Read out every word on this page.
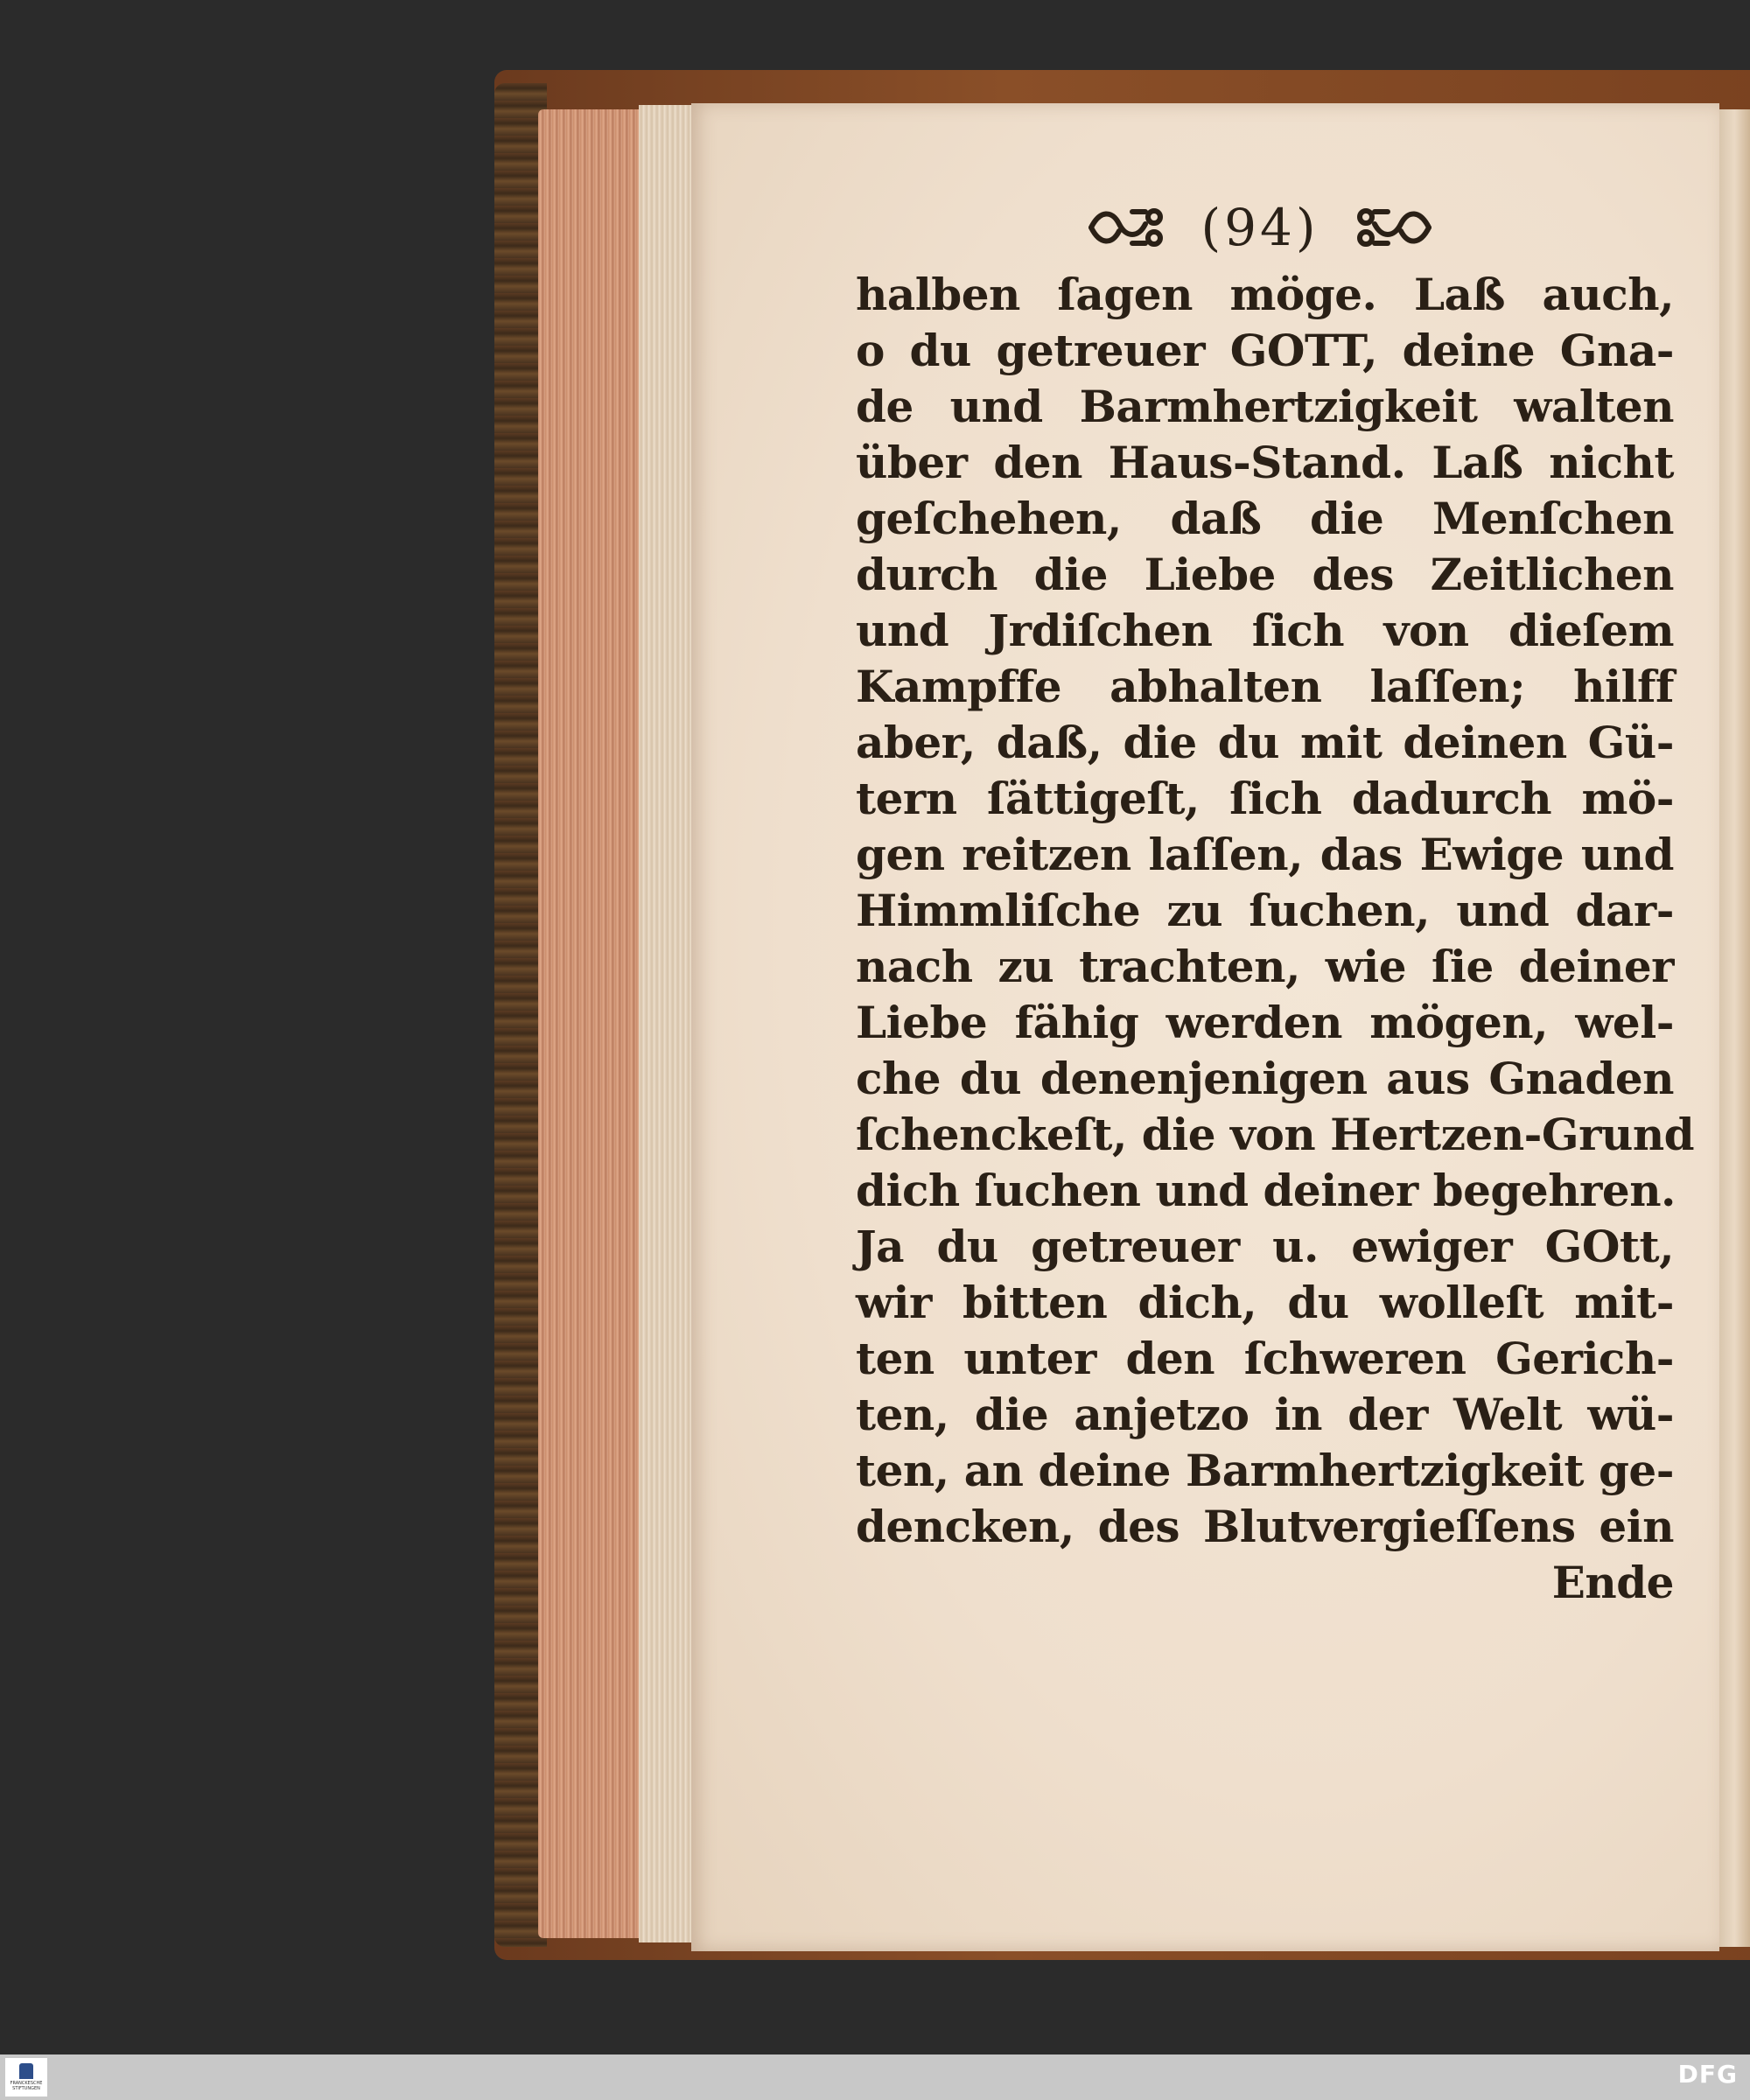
(94)
halben ſagen möge. Laß auch,
o du getreuer GOTT, deine Gna-
de und Barmhertzigkeit walten
über den Haus-Stand. Laß nicht
geſchehen, daß die Menſchen
durch die Liebe des Zeitlichen
und Jrdiſchen ſich von dieſem
Kampffe abhalten laſſen; hilff
aber, daß, die du mit deinen Gü-
tern ſättigeſt, ſich dadurch mö-
gen reitzen laſſen, das Ewige und
Himmliſche zu ſuchen, und dar-
nach zu trachten, wie ſie deiner
Liebe fähig werden mögen, wel-
che du denenjenigen aus Gnaden
ſchenckeſt, die von Hertzen-Grund
dich ſuchen und deiner begehren.
Ja du getreuer u. ewiger GOtt,
wir bitten dich, du wolleſt mit-
ten unter den ſchweren Gerich-
ten, die anjetzo in der Welt wü-
ten, an deine Barmhertzigkeit ge-
dencken, des Blutvergieſſens ein
Ende
FRANCKESCHE STIFTUNGEN	DFG
